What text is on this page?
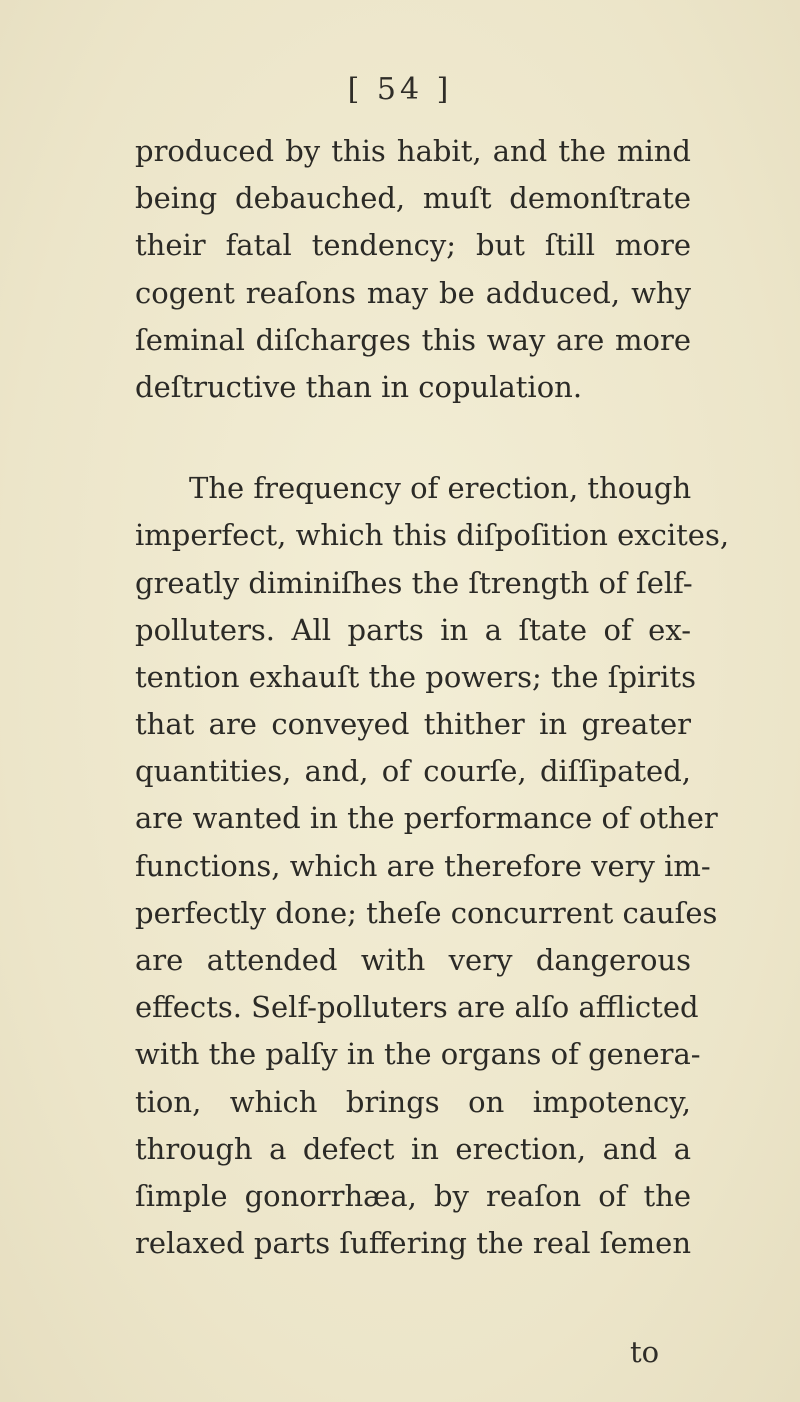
[ 54 ]
produced by this habit, and the mind
being debauched, muſt demonſtrate
their fatal tendency; but ſtill more
cogent reaſons may be adduced, why
ſeminal diſcharges this way are more
deſtructive than in copulation.
The frequency of erection, though
imperfect, which this diſpoſition excites,
greatly diminiſhes the ſtrength of ſelf-
polluters. All parts in a ſtate of ex-
tention exhauſt the powers; the ſpirits
that are conveyed thither in greater
quantities, and, of courſe, diſſipated,
are wanted in the performance of other
functions, which are therefore very im-
perfectly done; theſe concurrent cauſes
are attended with very dangerous
effects. Self-polluters are alſo afflicted
with the palſy in the organs of genera-
tion, which brings on impotency,
through a defect in erection, and a
ſimple gonorrhæa, by reaſon of the
relaxed parts ſuffering the real ſemen
to
